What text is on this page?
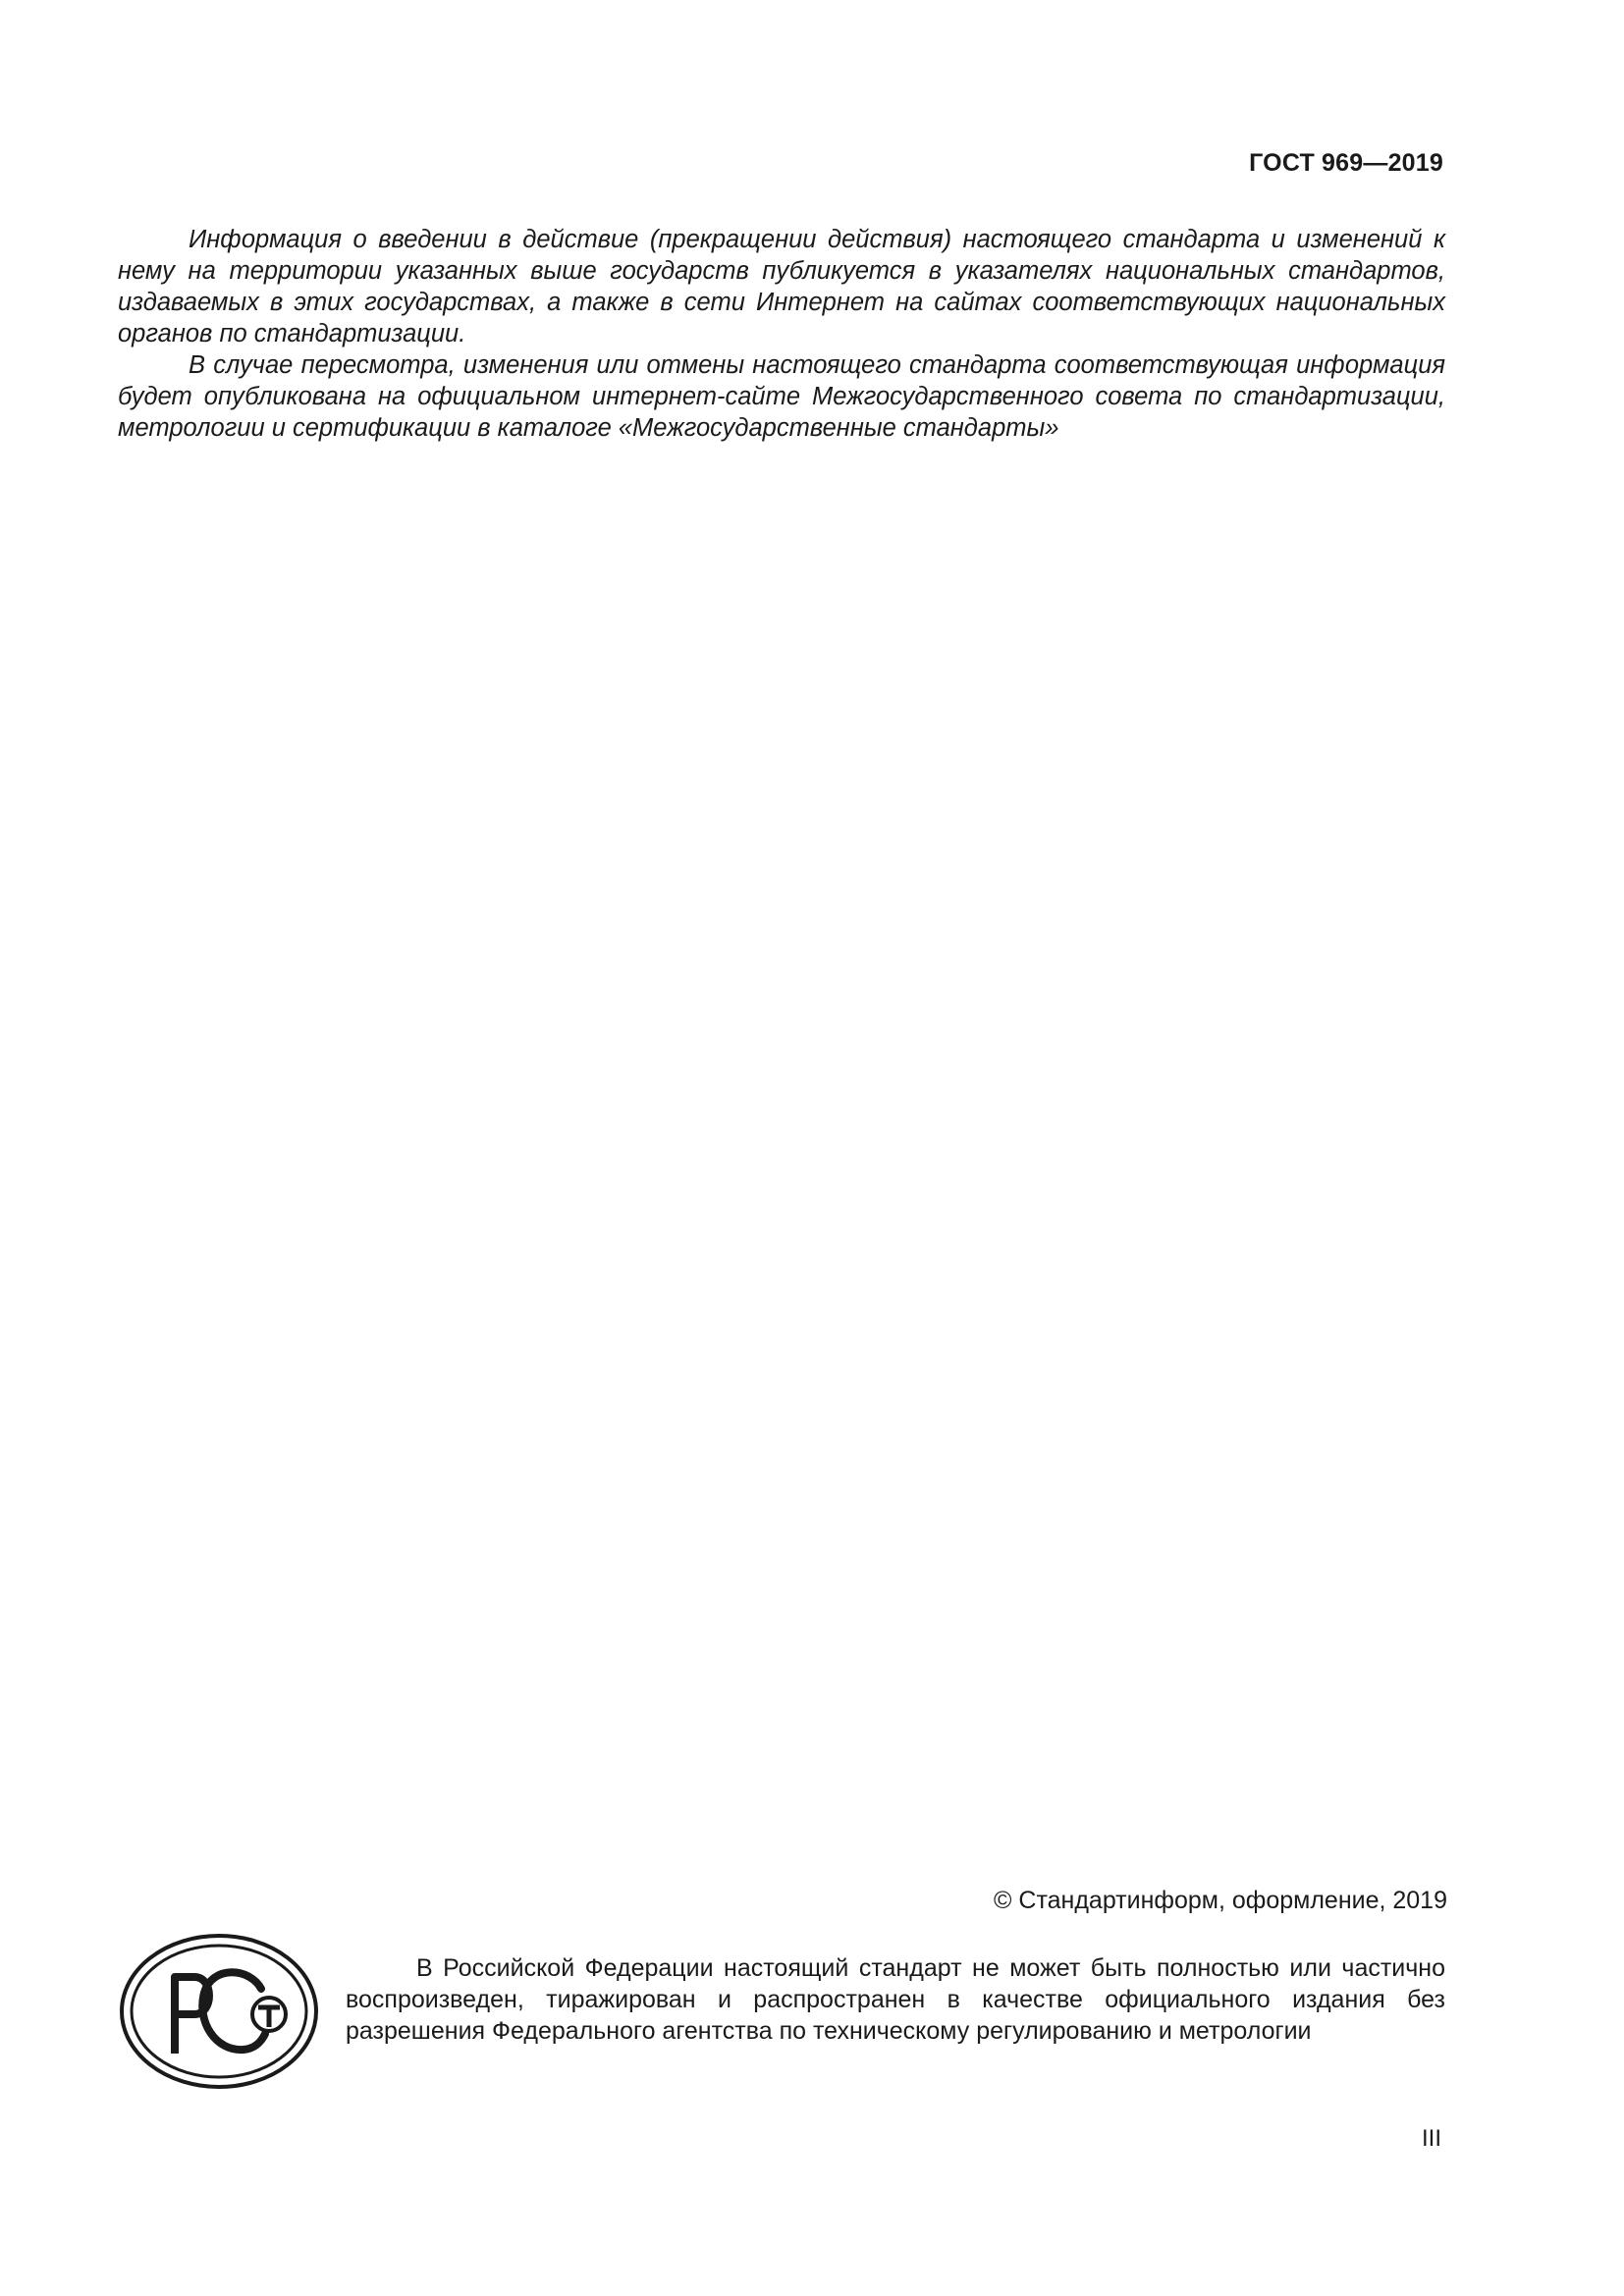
ГОСТ 969—2019

Информация о введении в действие (прекращении действия) настоящего стандарта и изменений к нему на территории указанных выше государств публикуется в указателях национальных стандартов, издаваемых в этих государствах, а также в сети Интернет на сайтах соответствующих национальных органов по стандартизации.

В случае пересмотра, изменения или отмены настоящего стандарта соответствующая информация будет опубликована на официальном интернет-сайте Межгосударственного совета по стандартизации, метрологии и сертификации в каталоге «Межгосударственные стандарты»

© Стандартинформ, оформление, 2019

В Российской Федерации настоящий стандарт не может быть полностью или частично воспроизведен, тиражирован и распространен в качестве официального издания без разрешения Федерального агентства по техническому регулированию и метрологии

III
